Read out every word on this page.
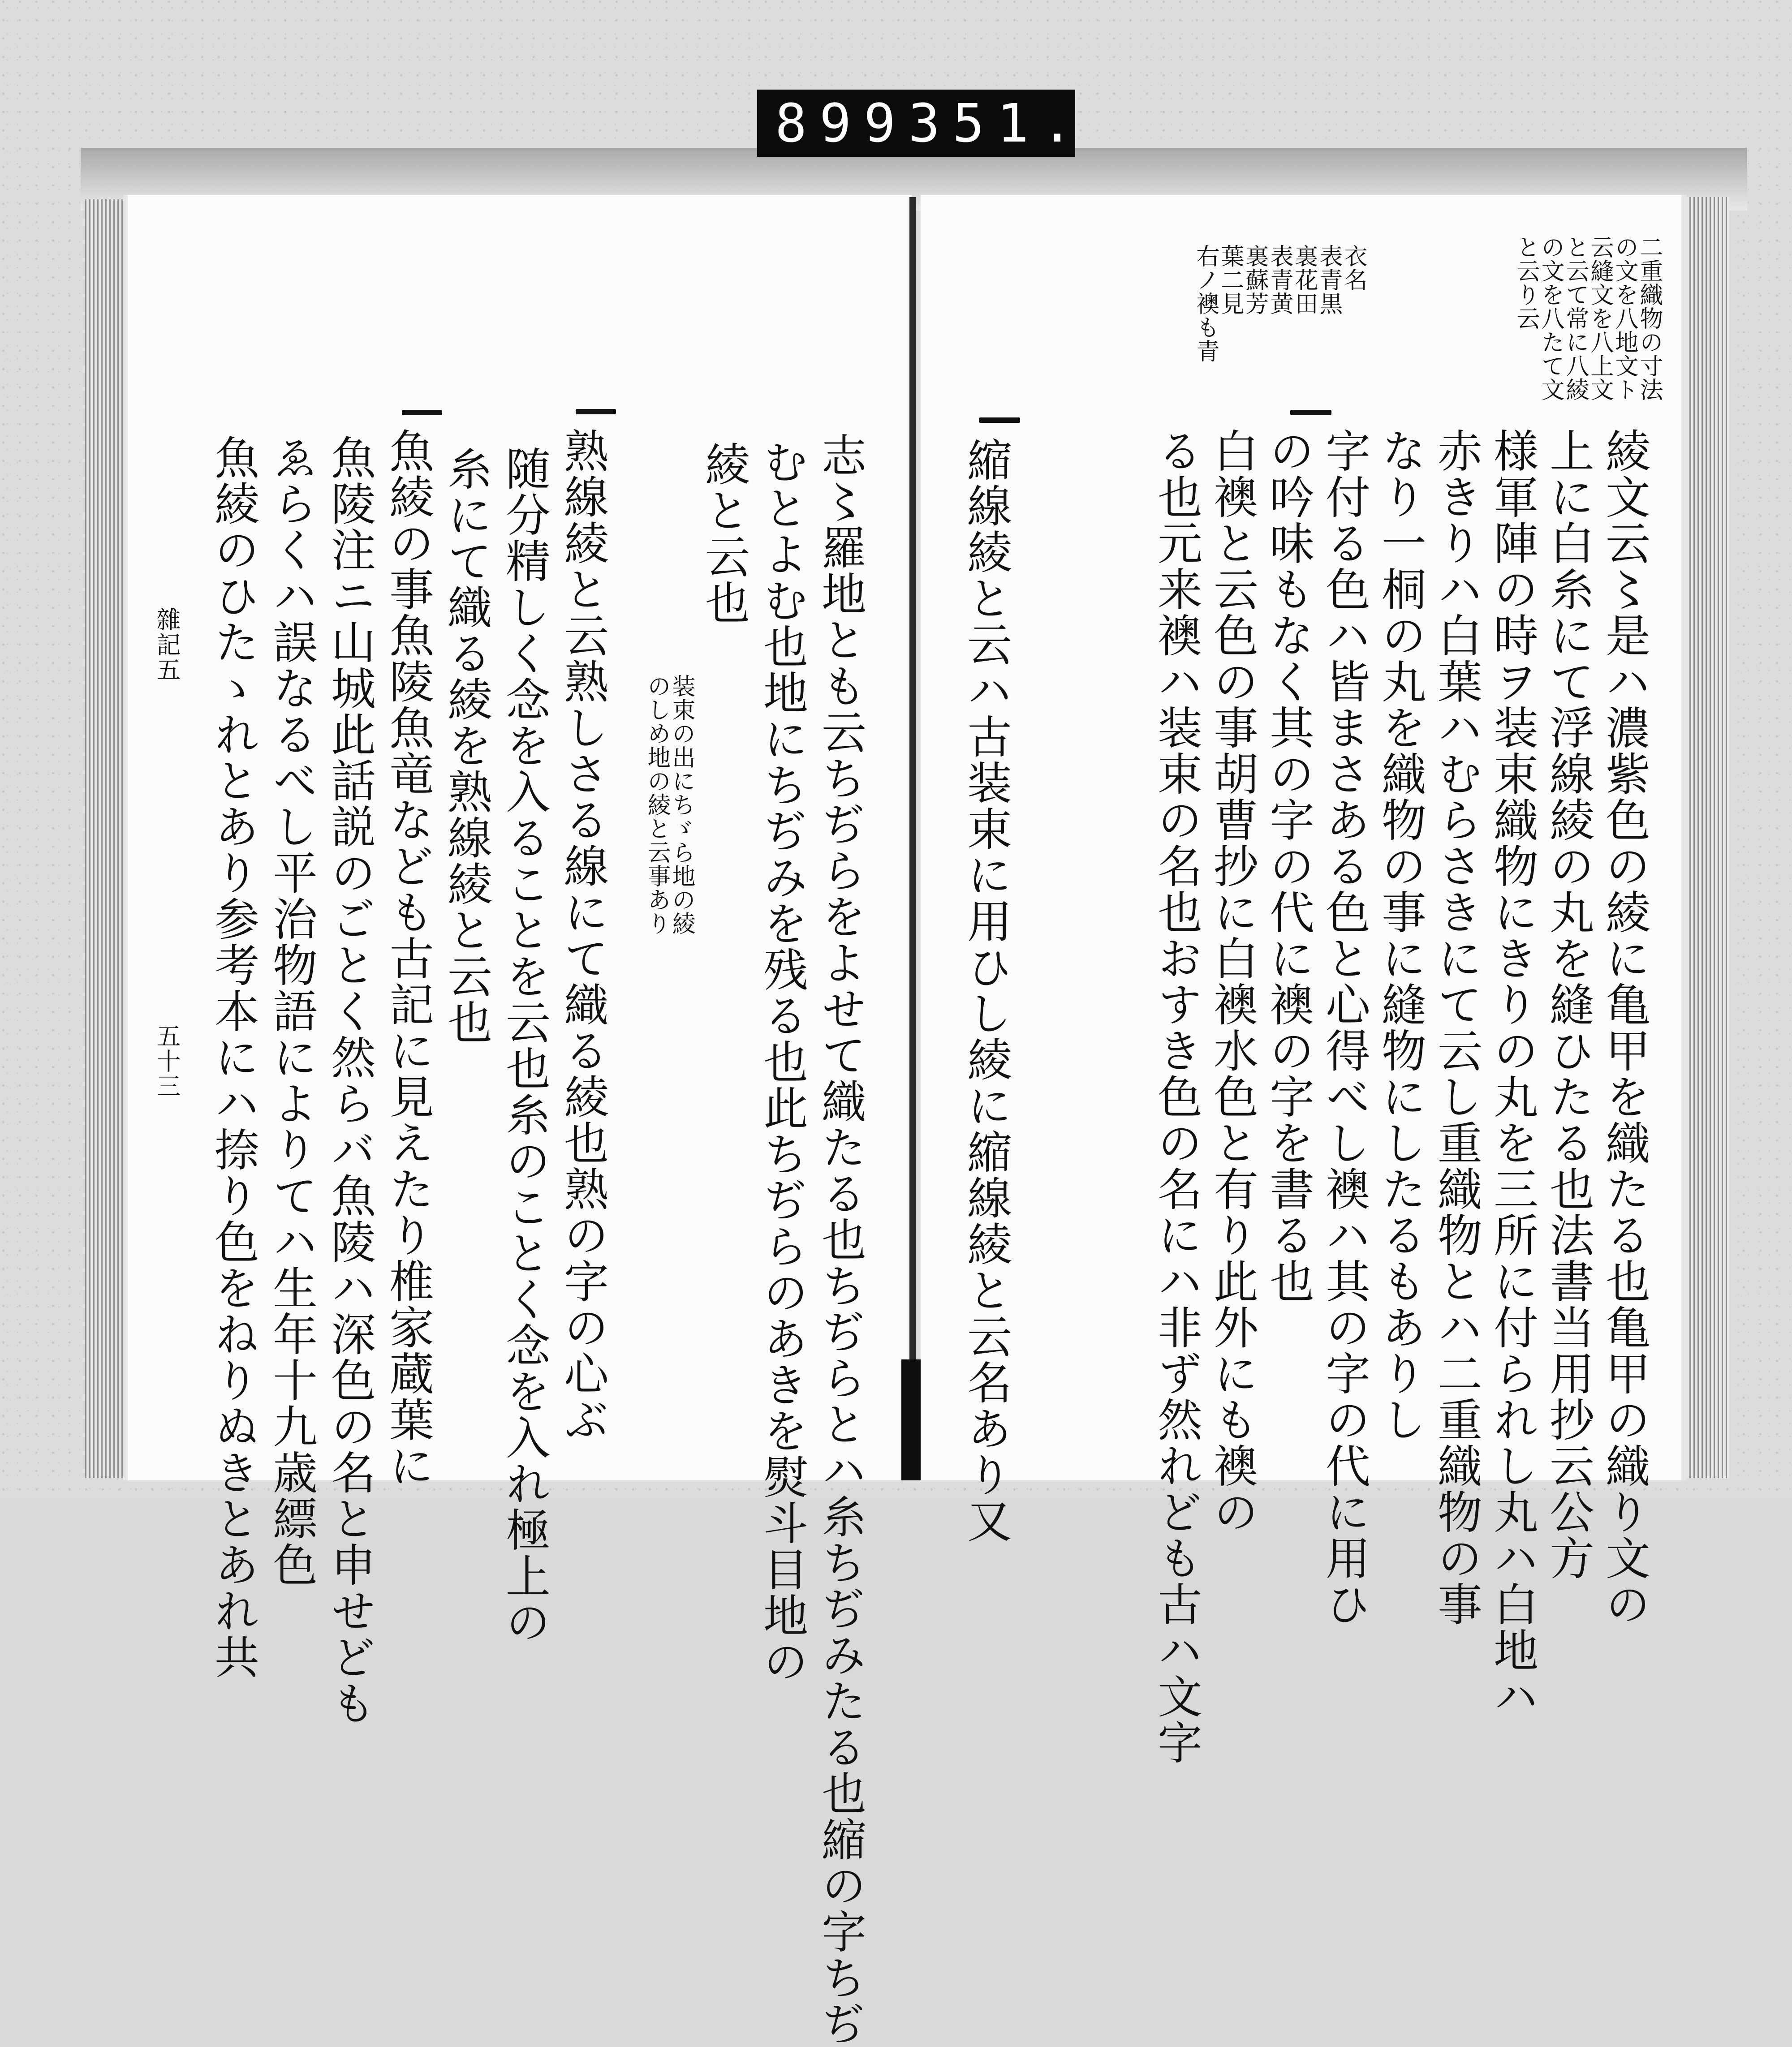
899 351.
雜記五
五十三 魚綾のひたゝれとあり参考本にハ捺り色をねりぬきとあれ共 ゑらくハ誤なるべし平治物語によりてハ生年十九歳縹色 魚陵注ニ山城此話説のごとく然らバ魚陵ハ深色の名と申せども 魚綾の事魚陵魚竜なども古記に見えたり椎家蔵葉に 糸にて織る綾を熟線綾と云也 随分精しく念を入ることを云也糸のことく念を入れ極上の 熟線綾と云熟しさる線にて織る綾也熟の字の心ぶ	装束の出にちゞら地の綾
のしめ地の綾と云事あり
綾と云也 むとよむ也地にちぢみを残る也此ちぢらのあきを熨斗目地の 志〻羅地とも云ちぢらをよせて織たる也ちぢらとハ糸ちぢみたる也縮の字ちぢ
衣名
表青黒
裏花田
表青黄
裏蘇芳
葉二見
右ノ襖も青	二重織物の寸法
の文を八地文ト
云縫文を八上文
と云て常に八綾
の文を八たて文
と云り云
綾文云〻是ハ濃紫色の綾に亀甲を織たる也亀甲の織り文の
上に白糸にて浮線綾の丸を縫ひたる也法書当用抄云公方
様軍陣の時ヲ装束織物にきりの丸を三所に付られし丸ハ白地ハ
赤きりハ白葉ハむらさきにて云し重織物とハ二重織物の事
なり一桐の丸を織物の事に縫物にしたるもありし
字付る色ハ皆まさある色と心得べし襖ハ其の字の代に用ひ
の吟味もなく其の字の代に襖の字を書る也
白襖と云色の事胡曹抄に白襖水色と有り此外にも襖の
る也元来襖ハ装束の名也おすき色の名にハ非ず然れども古ハ文字
縮線綾と云ハ古装束に用ひし綾に縮線綾と云名あり又
